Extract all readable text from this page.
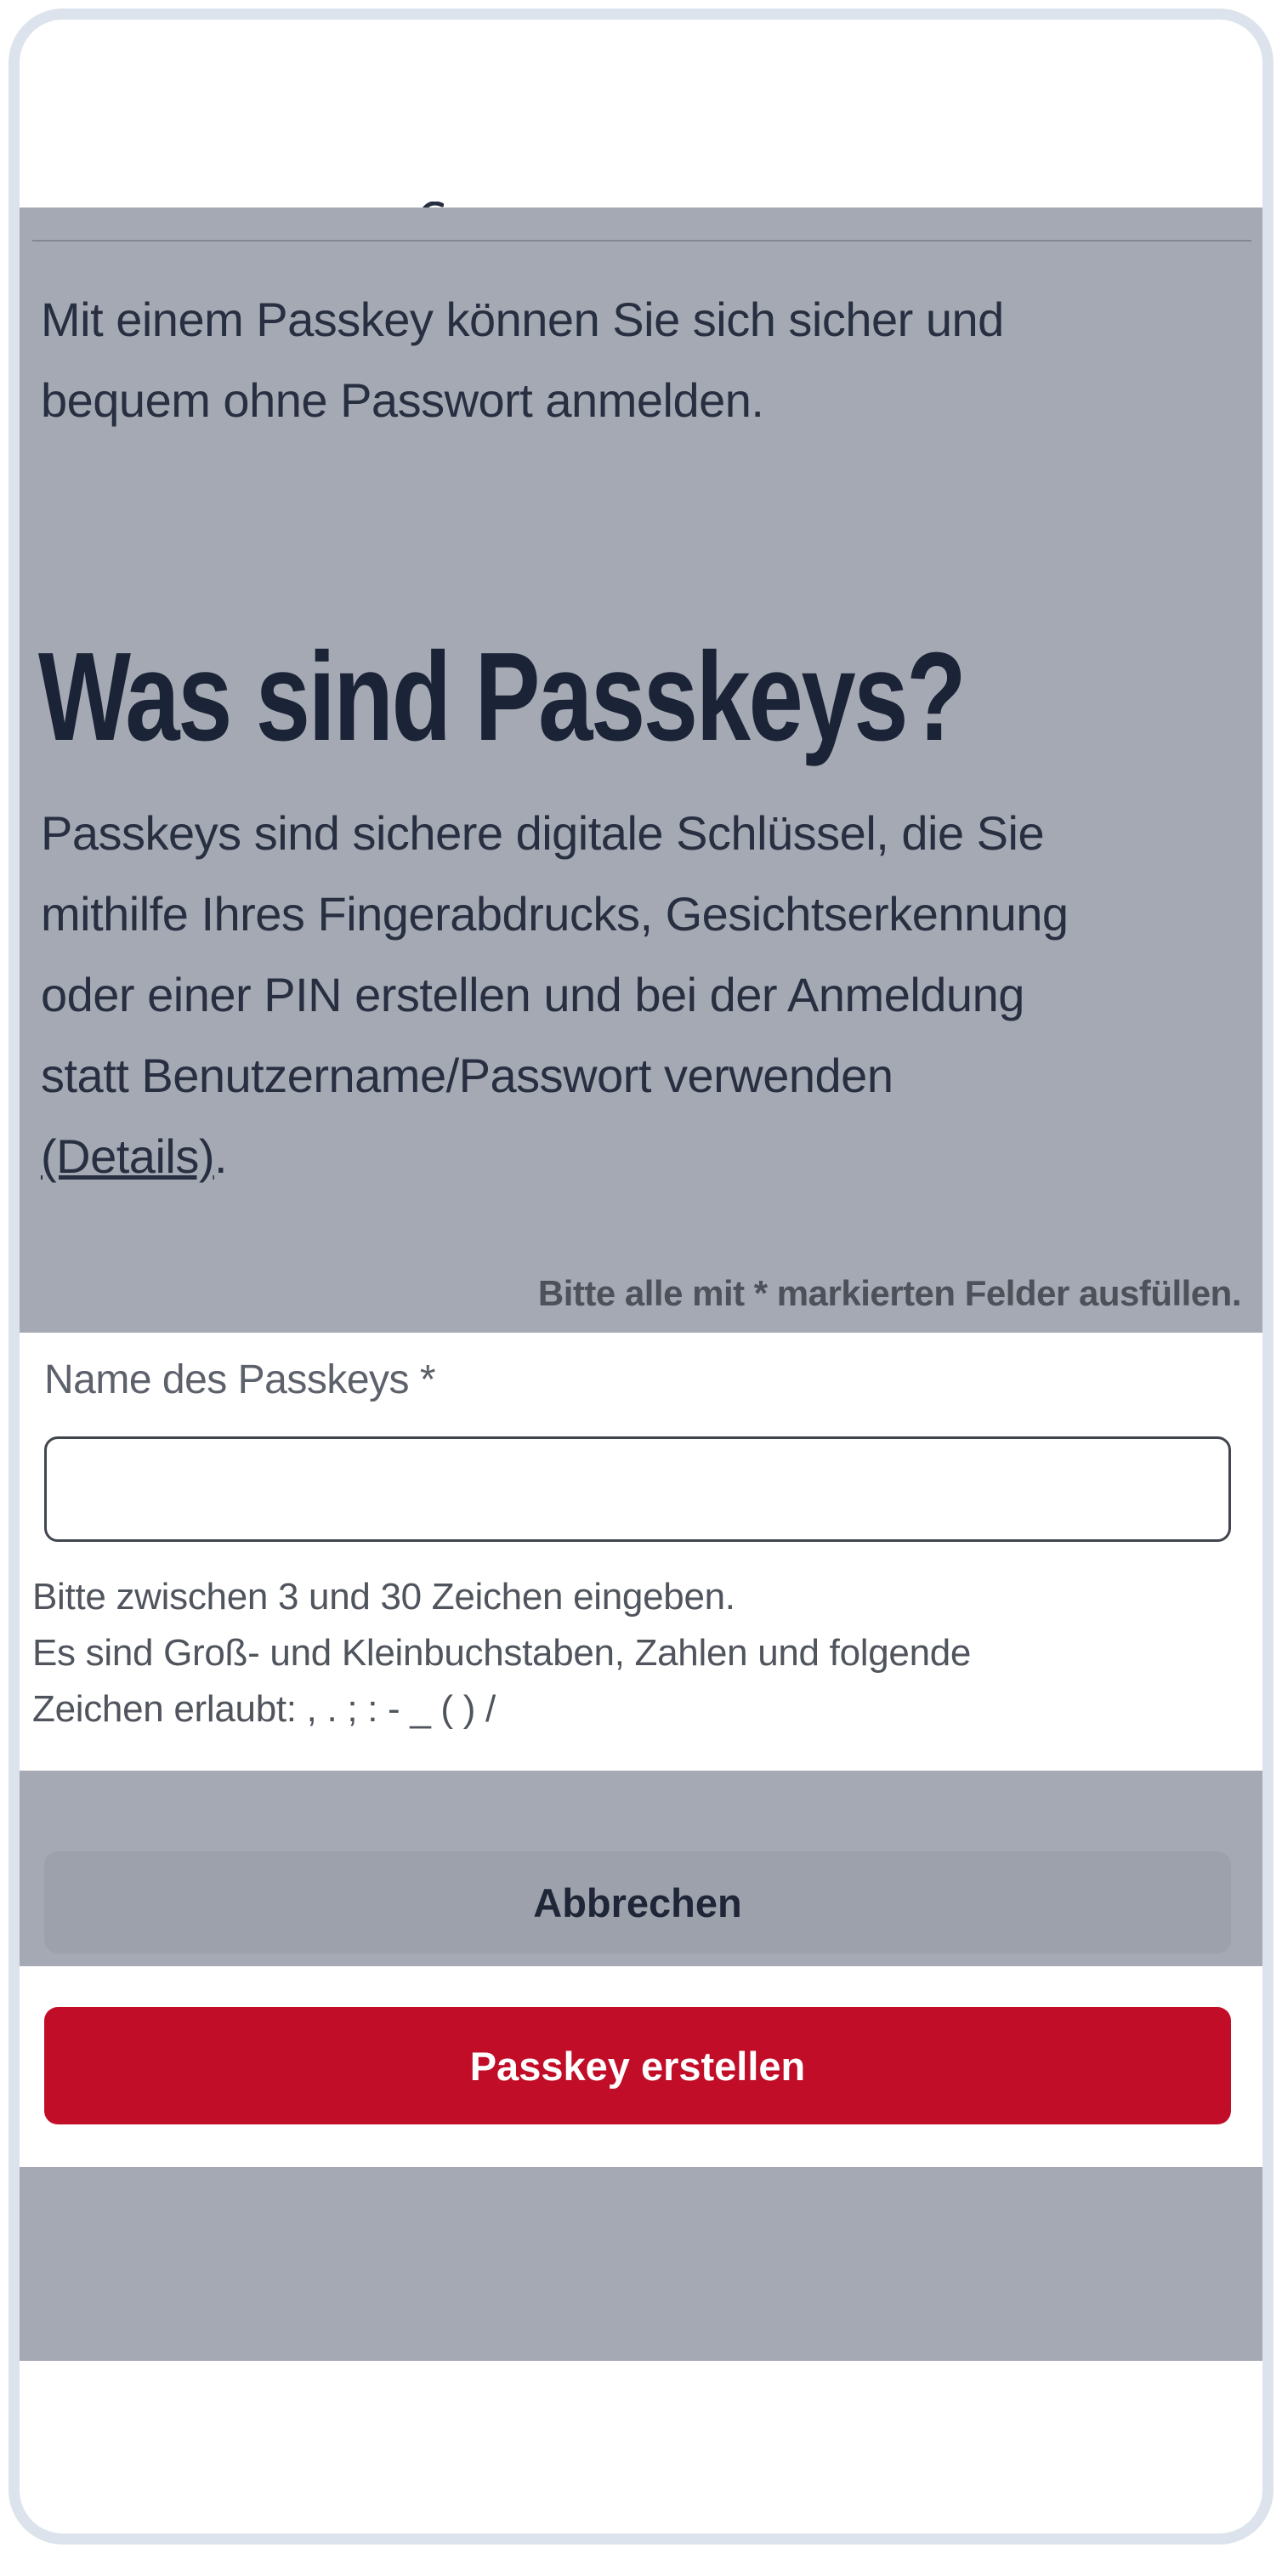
Mit einem Passkey können Sie sich sicher und
bequem ohne Passwort anmelden.
Was sind Passkeys?
Passkeys sind sichere digitale Schlüssel, die Sie
mithilfe Ihres Fingerabdrucks, Gesichtserkennung
oder einer PIN erstellen und bei der Anmeldung
statt Benutzername/Passwort verwenden
(Details).
Bitte alle mit * markierten Felder ausfüllen.
Name des Passkeys *
Bitte zwischen 3 und 30 Zeichen eingeben.
Es sind Groß- und Kleinbuchstaben, Zahlen und folgende
Zeichen erlaubt: , . ; : - _ ( ) /
Abbrechen
Passkey erstellen
